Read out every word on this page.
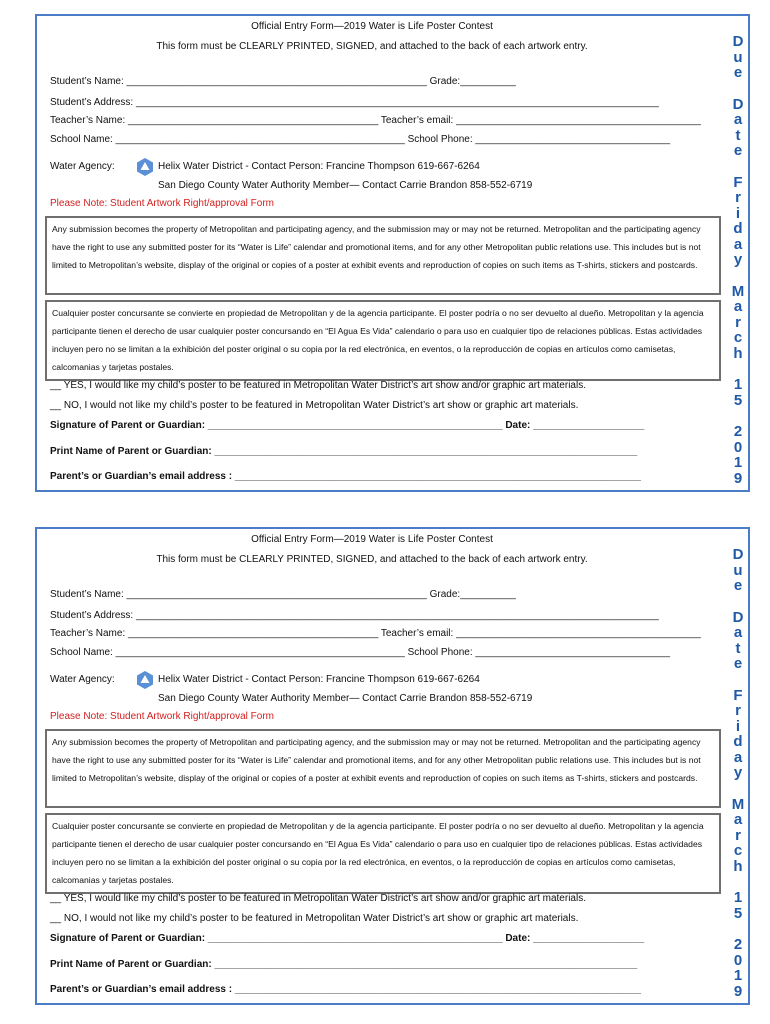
Official Entry Form—2019 Water is Life Poster Contest
This form must be CLEARLY PRINTED, SIGNED, and attached to the back of each artwork entry.
Student’s Name: ______________________________________________________ Grade:__________
Student’s Address: ______________________________________________________________________________________________
Teacher’s Name: _____________________________________________ Teacher’s email: ____________________________________________
School Name: ____________________________________________________ School Phone: ___________________________________
Water Agency:	Helix Water District - Contact Person: Francine Thompson 619-667-6264
San Diego County Water Authority Member— Contact Carrie Brandon 858-552-6719
Please Note: Student Artwork Right/approval Form
Any submission becomes the property of Metropolitan and participating agency, and the submission may or may not be returned. Metropolitan and the participating agency have the right to use any submitted poster for its “Water is Life” calendar and promotional items, and for any other Metropolitan public relations use. This includes but is not limited to Metropolitan’s website, display of the original or copies of a poster at exhibit events and reproduction of copies on such items as T-shirts, stickers and postcards.
Cualquier poster concursante se convierte en propiedad de Metropolitan y de la agencia participante. El poster podría o no ser devuelto al dueño. Metropolitan y la agencia participante tienen el derecho de usar cualquier poster concursando en “El Agua Es Vida” calendario o para uso en cualquier tipo de relaciones públicas. Estas actividades incluyen pero no se limitan a la exhibición del poster original o su copia por la red electrónica, en eventos, o la reproducción de copias en artículos como camisetas, calcomanias y tarjetas postales.
__ YES, I would like my child’s poster to be featured in Metropolitan Water District’s art show and/or graphic art materials.
__ NO, I would not like my child’s poster to be featured in Metropolitan Water District’s art show or graphic art materials.
Signature of Parent or Guardian: _____________________________________________________ Date: ____________________
Print Name of Parent or Guardian: ____________________________________________________________________________
Parent’s or Guardian’s email address : _________________________________________________________________________
D
u
e
D
a
t
e
F
r
i
d
a
y
M
a
r
c
h
1
5
2
0
1
9
Official Entry Form—2019 Water is Life Poster Contest
This form must be CLEARLY PRINTED, SIGNED, and attached to the back of each artwork entry.
Student’s Name: ______________________________________________________ Grade:__________
Student’s Address: ______________________________________________________________________________________________
Teacher’s Name: _____________________________________________ Teacher’s email: ____________________________________________
School Name: ____________________________________________________ School Phone: ___________________________________
Water Agency:	Helix Water District - Contact Person: Francine Thompson 619-667-6264
San Diego County Water Authority Member— Contact Carrie Brandon 858-552-6719
Please Note: Student Artwork Right/approval Form
Any submission becomes the property of Metropolitan and participating agency, and the submission may or may not be returned. Metropolitan and the participating agency have the right to use any submitted poster for its “Water is Life” calendar and promotional items, and for any other Metropolitan public relations use. This includes but is not limited to Metropolitan’s website, display of the original or copies of a poster at exhibit events and reproduction of copies on such items as T-shirts, stickers and postcards.
Cualquier poster concursante se convierte en propiedad de Metropolitan y de la agencia participante. El poster podría o no ser devuelto al dueño. Metropolitan y la agencia participante tienen el derecho de usar cualquier poster concursando en “El Agua Es Vida” calendario o para uso en cualquier tipo de relaciones públicas. Estas actividades incluyen pero no se limitan a la exhibición del poster original o su copia por la red electrónica, en eventos, o la reproducción de copias en artículos como camisetas, calcomanias y tarjetas postales.
__ YES, I would like my child’s poster to be featured in Metropolitan Water District’s art show and/or graphic art materials.
__ NO, I would not like my child’s poster to be featured in Metropolitan Water District’s art show or graphic art materials.
Signature of Parent or Guardian: _____________________________________________________ Date: ____________________
Print Name of Parent or Guardian: ____________________________________________________________________________
Parent’s or Guardian’s email address : _________________________________________________________________________
D
u
e
D
a
t
e
F
r
i
d
a
y
M
a
r
c
h
1
5
2
0
1
9
